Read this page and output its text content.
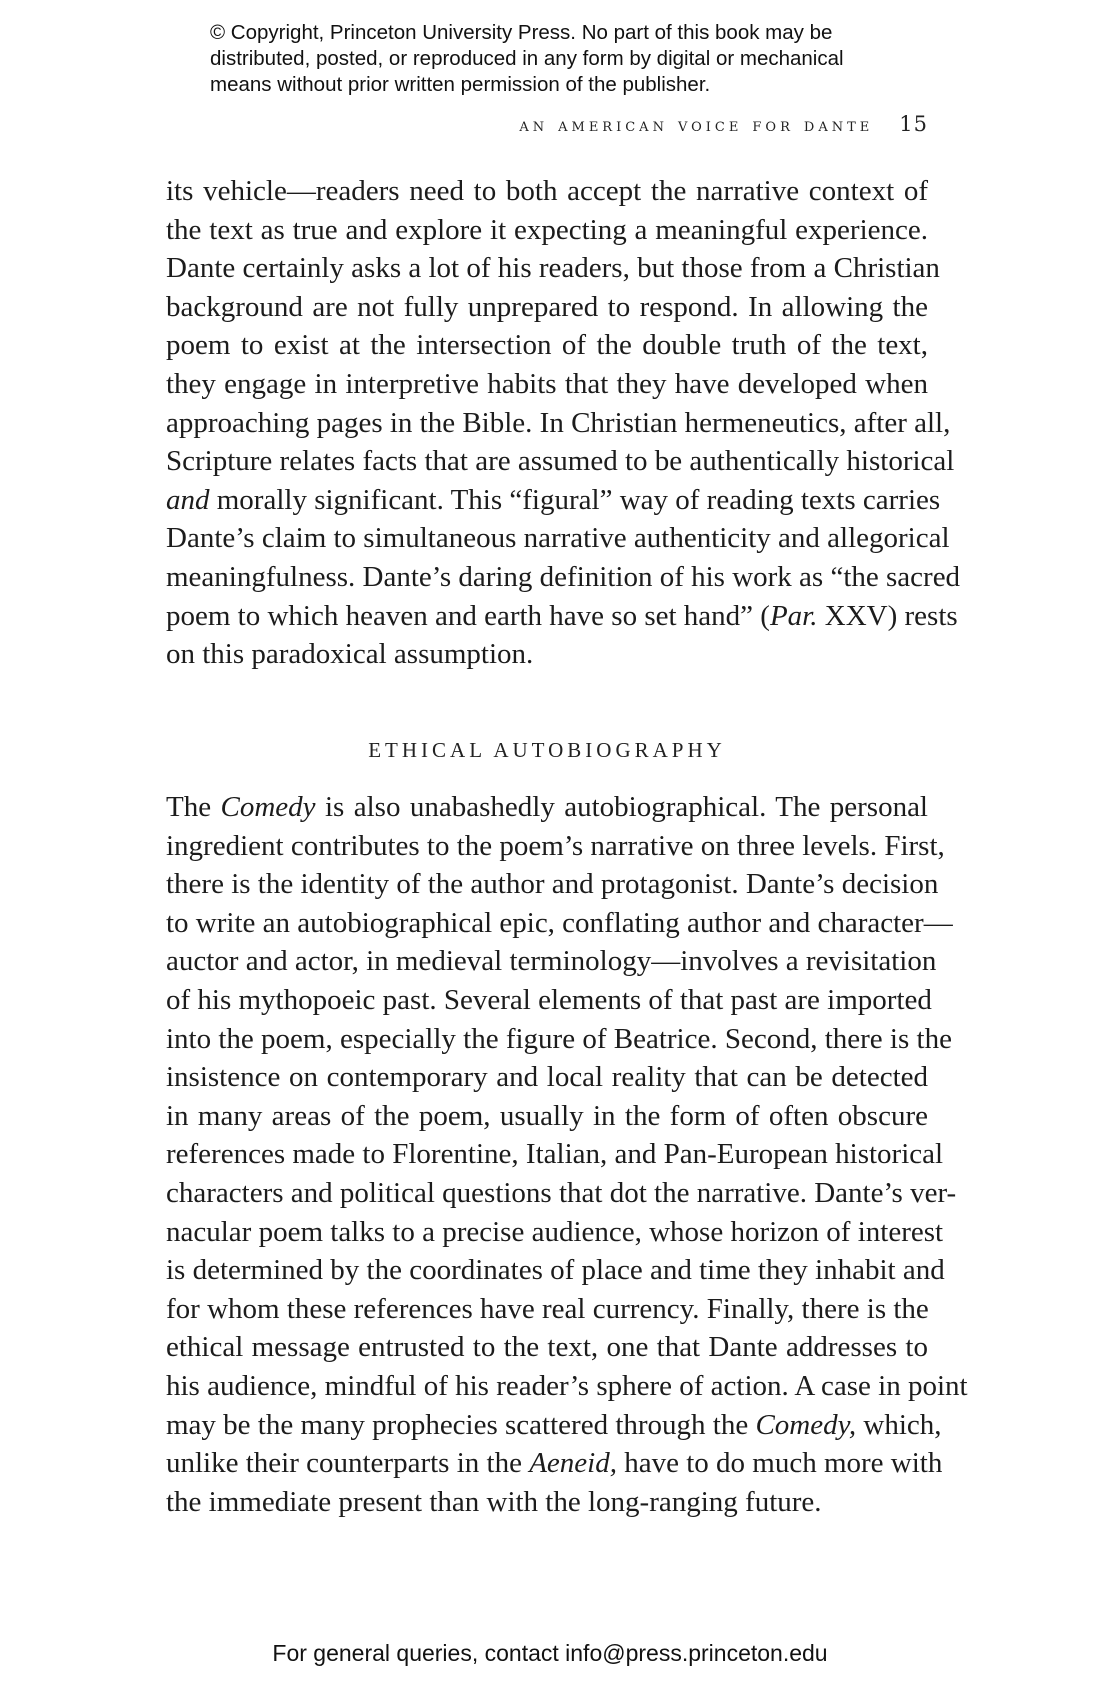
© Copyright, Princeton University Press. No part of this book may be
distributed, posted, or reproduced in any form by digital or mechanical
means without prior written permission of the publisher.
an american voice for dante 15
its vehicle—readers need to both accept the narrative context of
the text as true and explore it expecting a meaningful experience.
Dante certainly asks a lot of his readers, but those from a Christian
background are not fully unprepared to respond. In allowing the
poem to exist at the intersection of the double truth of the text,
they engage in interpretive habits that they have developed when
approaching pages in the Bible. In Christian hermeneutics, after all,
Scripture relates facts that are assumed to be authentically historical
and morally significant. This “figural” way of reading texts carries
Dante’s claim to simultaneous narrative authenticity and allegorical
meaningfulness. Dante’s daring definition of his work as “the sacred
poem to which heaven and earth have so set hand” (Par. XXV) rests
on this paradoxical assumption.
ETHICAL AUTOBIOGRAPHY
The Comedy is also unabashedly autobiographical. The personal
ingredient contributes to the poem’s narrative on three levels. First,
there is the identity of the author and protagonist. Dante’s decision
to write an autobiographical epic, conflating author and character—
auctor and actor, in medieval terminology—involves a revisitation
of his mythopoeic past. Several elements of that past are imported
into the poem, especially the figure of Beatrice. Second, there is the
insistence on contemporary and local reality that can be detected
in many areas of the poem, usually in the form of often obscure
references made to Florentine, Italian, and Pan-European historical
characters and political questions that dot the narrative. Dante’s ver-
nacular poem talks to a precise audience, whose horizon of interest
is determined by the coordinates of place and time they inhabit and
for whom these references have real currency. Finally, there is the
ethical message entrusted to the text, one that Dante addresses to
his audience, mindful of his reader’s sphere of action. A case in point
may be the many prophecies scattered through the Comedy, which,
unlike their counterparts in the Aeneid, have to do much more with
the immediate present than with the long-ranging future.
For general queries, contact info@press.princeton.edu
